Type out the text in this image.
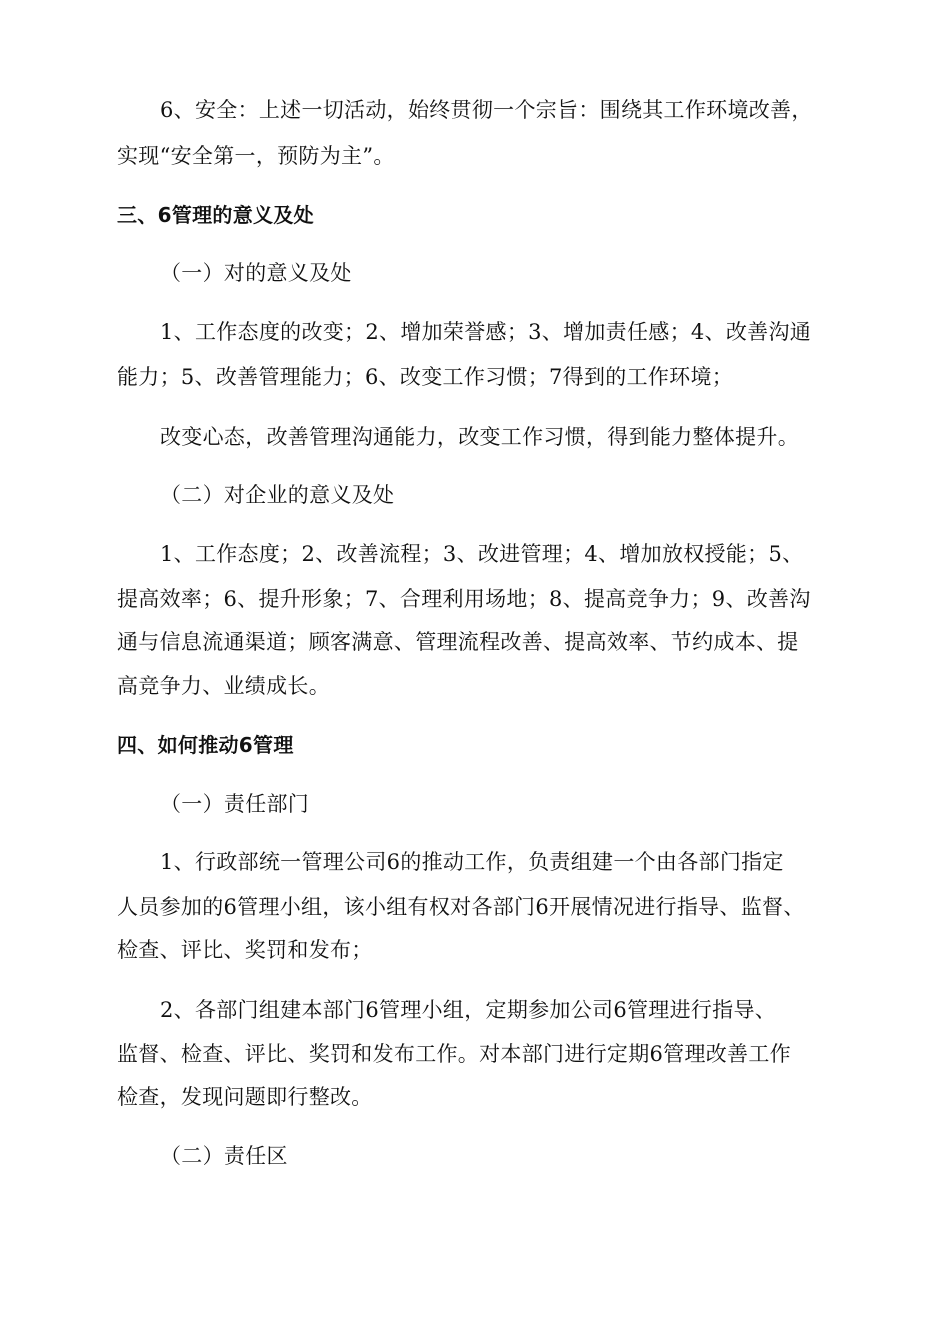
6、安全：上述一切活动，始终贯彻一个宗旨：围绕其工作环境改善，
实现“安全第一，预防为主”。
三、6管理的意义及处
（一）对的意义及处
1、工作态度的改变；2、增加荣誉感；3、增加责任感；4、改善沟通
能力；5、改善管理能力；6、改变工作习惯；7得到的工作环境；
改变心态，改善管理沟通能力，改变工作习惯，得到能力整体提升。
（二）对企业的意义及处
1、工作态度；2、改善流程；3、改进管理；4、增加放权授能；5、
提高效率；6、提升形象；7、合理利用场地；8、提高竞争力；9、改善沟
通与信息流通渠道；顾客满意、管理流程改善、提高效率、节约成本、提
高竞争力、业绩成长。
四、如何推动6管理
（一）责任部门
1、行政部统一管理公司6的推动工作，负责组建一个由各部门指定
人员参加的6管理小组，该小组有权对各部门6开展情况进行指导、监督、
检查、评比、奖罚和发布；
2、各部门组建本部门6管理小组，定期参加公司6管理进行指导、
监督、检查、评比、奖罚和发布工作。对本部门进行定期6管理改善工作
检查，发现问题即行整改。
（二）责任区
